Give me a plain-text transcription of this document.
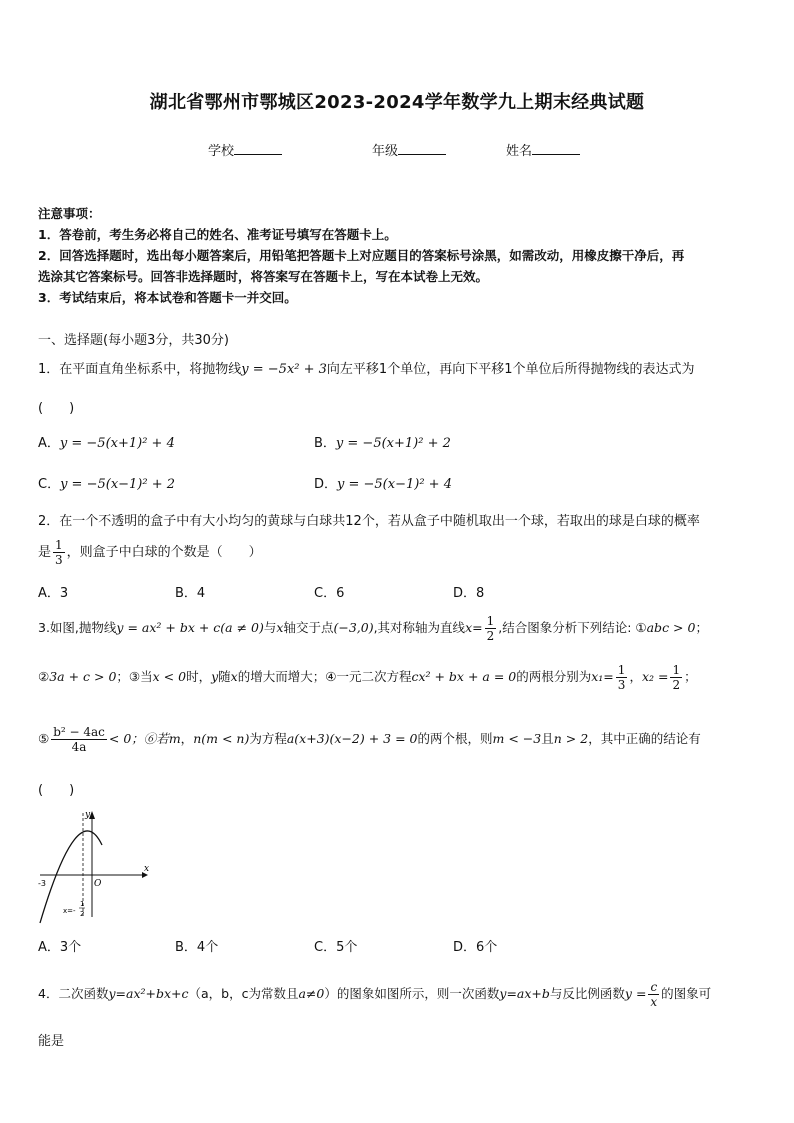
湖北省鄂州市鄂城区2023-2024学年数学九上期末经典试题
学校	年级	姓名
注意事项：
1．答卷前，考生务必将自己的姓名、准考证号填写在答题卡上。
2．回答选择题时，选出每小题答案后，用铅笔把答题卡上对应题目的答案标号涂黑，如需改动，用橡皮擦干净后，再
选涂其它答案标号。回答非选择题时，将答案写在答题卡上，写在本试卷上无效。
3．考试结束后，将本试卷和答题卡一并交回。
一、选择题(每小题3分，共30分)
1．在平面直角坐标系中，将抛物线y = −5x² + 3向左平移1个单位，再向下平移1个单位后所得抛物线的表达式为
(　　)
A．y = −5(x+1)² + 4	B．y = −5(x+1)² + 2
C．y = −5(x−1)² + 2	D．y = −5(x−1)² + 4
2．在一个不透明的盒子中有大小均匀的黄球与白球共12个，若从盒子中随机取出一个球，若取出的球是白球的概率
是 $\frac{1}{3}$ ，则盒子中白球的个数是（　　）
A．3	B．4	C．6	D．8
3.如图,抛物线y = ax² + bx + c(a ≠ 0)与x轴交于点(−3,0),其对称轴为直线$x= \frac{1}{2}$ ,结合图象分析下列结论: ①abc > 0；
②3a + c > 0；③当x < 0时，y随x的增大而增大；④一元二次方程cx² + bx + a = 0的两根分别为$x_1= \frac{1}{3}$ ，$x_2 = \frac{1}{2}$ ；
⑤ $\frac{\text{b² − 4ac}}{4a} < 0$；⑥若m，n(m < n)为方程a(x+3)(x−2) + 3 = 0的两个根，则m < −3且n > 2，其中正确的结论有
(　　)
x
y
O
-3
x=-
1
2
A．3个	B．4个	C．5个	D．6个
4．二次函数y=ax²+bx+c（a，b，c为常数且a≠0）的图象如图所示，则一次函数y=ax+b与反比例函数$y = \frac{c}{x}$ 的图象可
能是
